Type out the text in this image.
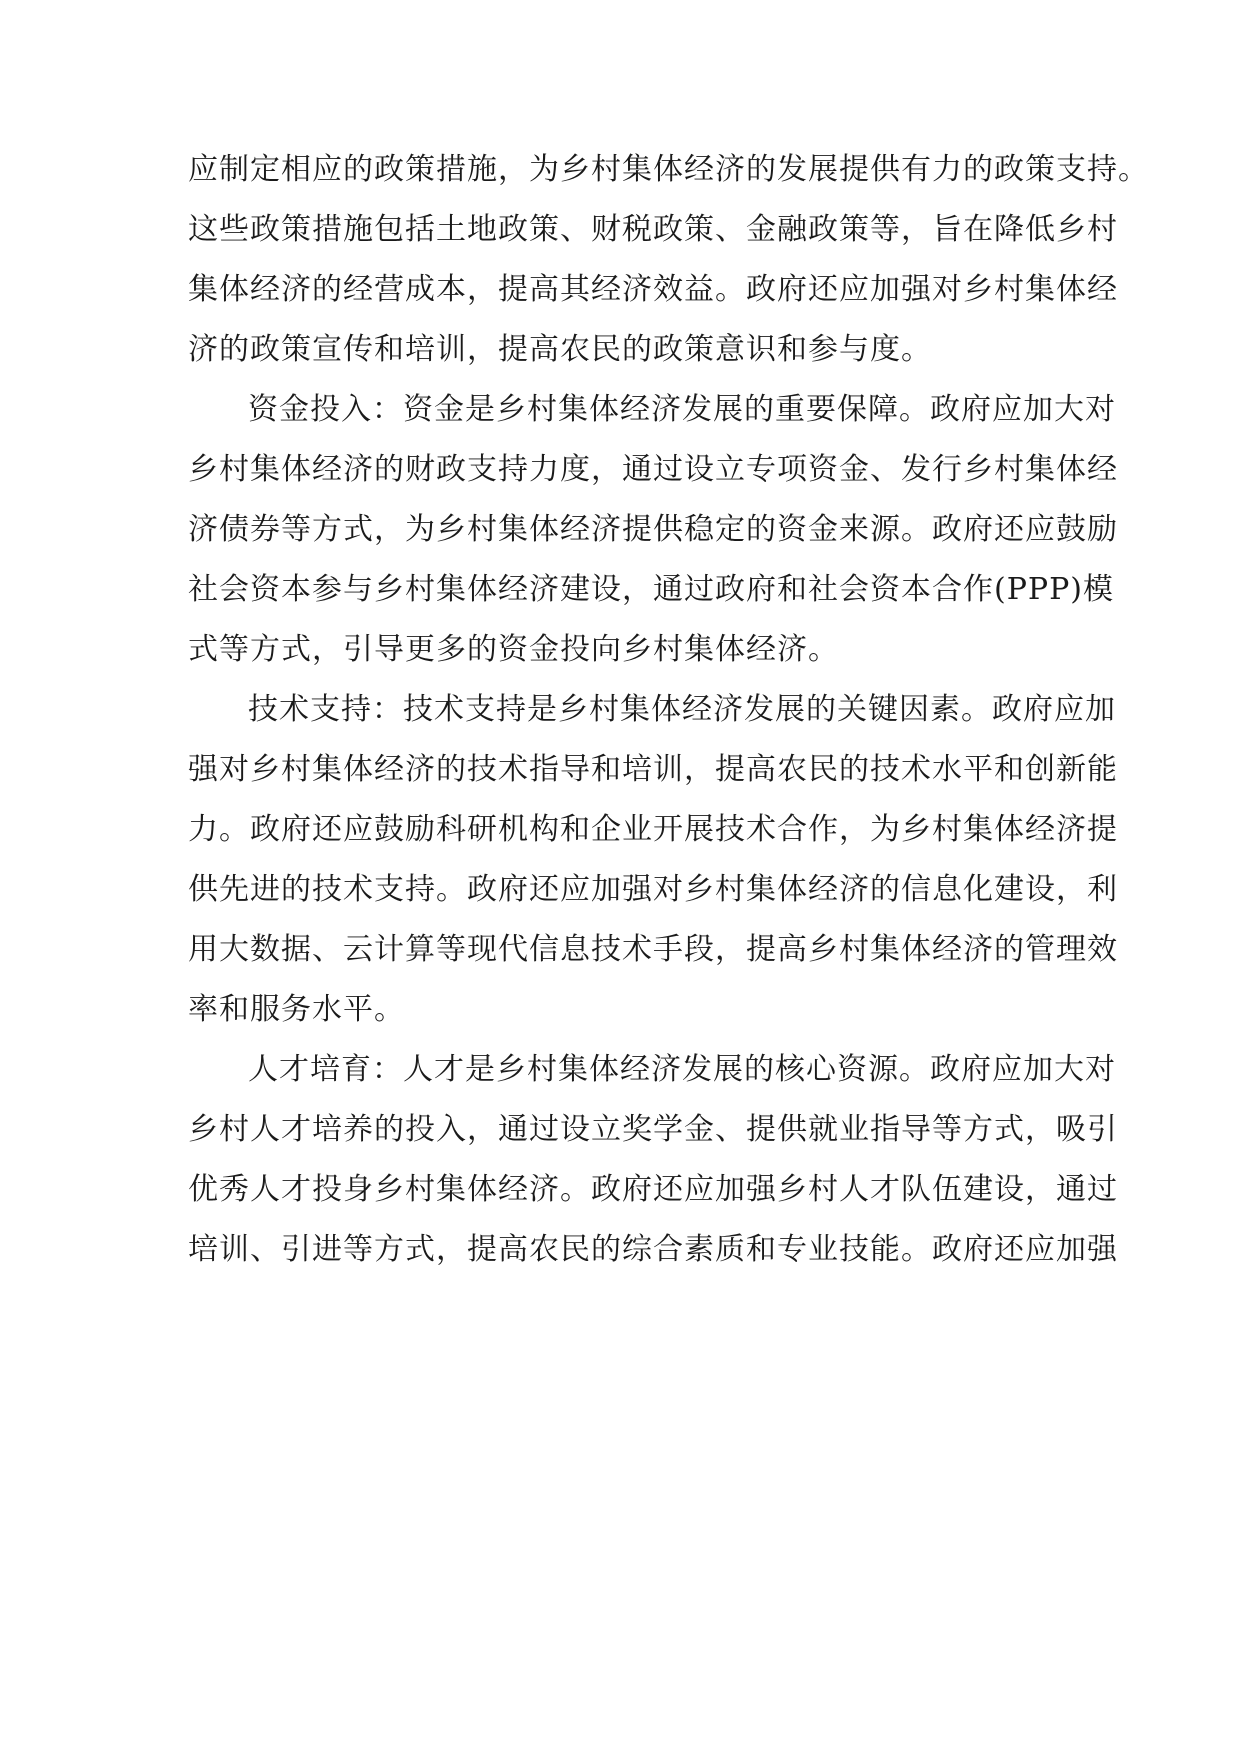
应制定相应的政策措施，为乡村集体经济的发展提供有力的政策支持。
这些政策措施包括土地政策、财税政策、金融政策等，旨在降低乡村
集体经济的经营成本，提高其经济效益。政府还应加强对乡村集体经
济的政策宣传和培训，提高农民的政策意识和参与度。
资金投入：资金是乡村集体经济发展的重要保障。政府应加大对
乡村集体经济的财政支持力度，通过设立专项资金、发行乡村集体经
济债券等方式，为乡村集体经济提供稳定的资金来源。政府还应鼓励
社会资本参与乡村集体经济建设，通过政府和社会资本合作(PPP)模
式等方式，引导更多的资金投向乡村集体经济。
技术支持：技术支持是乡村集体经济发展的关键因素。政府应加
强对乡村集体经济的技术指导和培训，提高农民的技术水平和创新能
力。政府还应鼓励科研机构和企业开展技术合作，为乡村集体经济提
供先进的技术支持。政府还应加强对乡村集体经济的信息化建设，利
用大数据、云计算等现代信息技术手段，提高乡村集体经济的管理效
率和服务水平。
人才培育：人才是乡村集体经济发展的核心资源。政府应加大对
乡村人才培养的投入，通过设立奖学金、提供就业指导等方式，吸引
优秀人才投身乡村集体经济。政府还应加强乡村人才队伍建设，通过
培训、引进等方式，提高农民的综合素质和专业技能。政府还应加强
